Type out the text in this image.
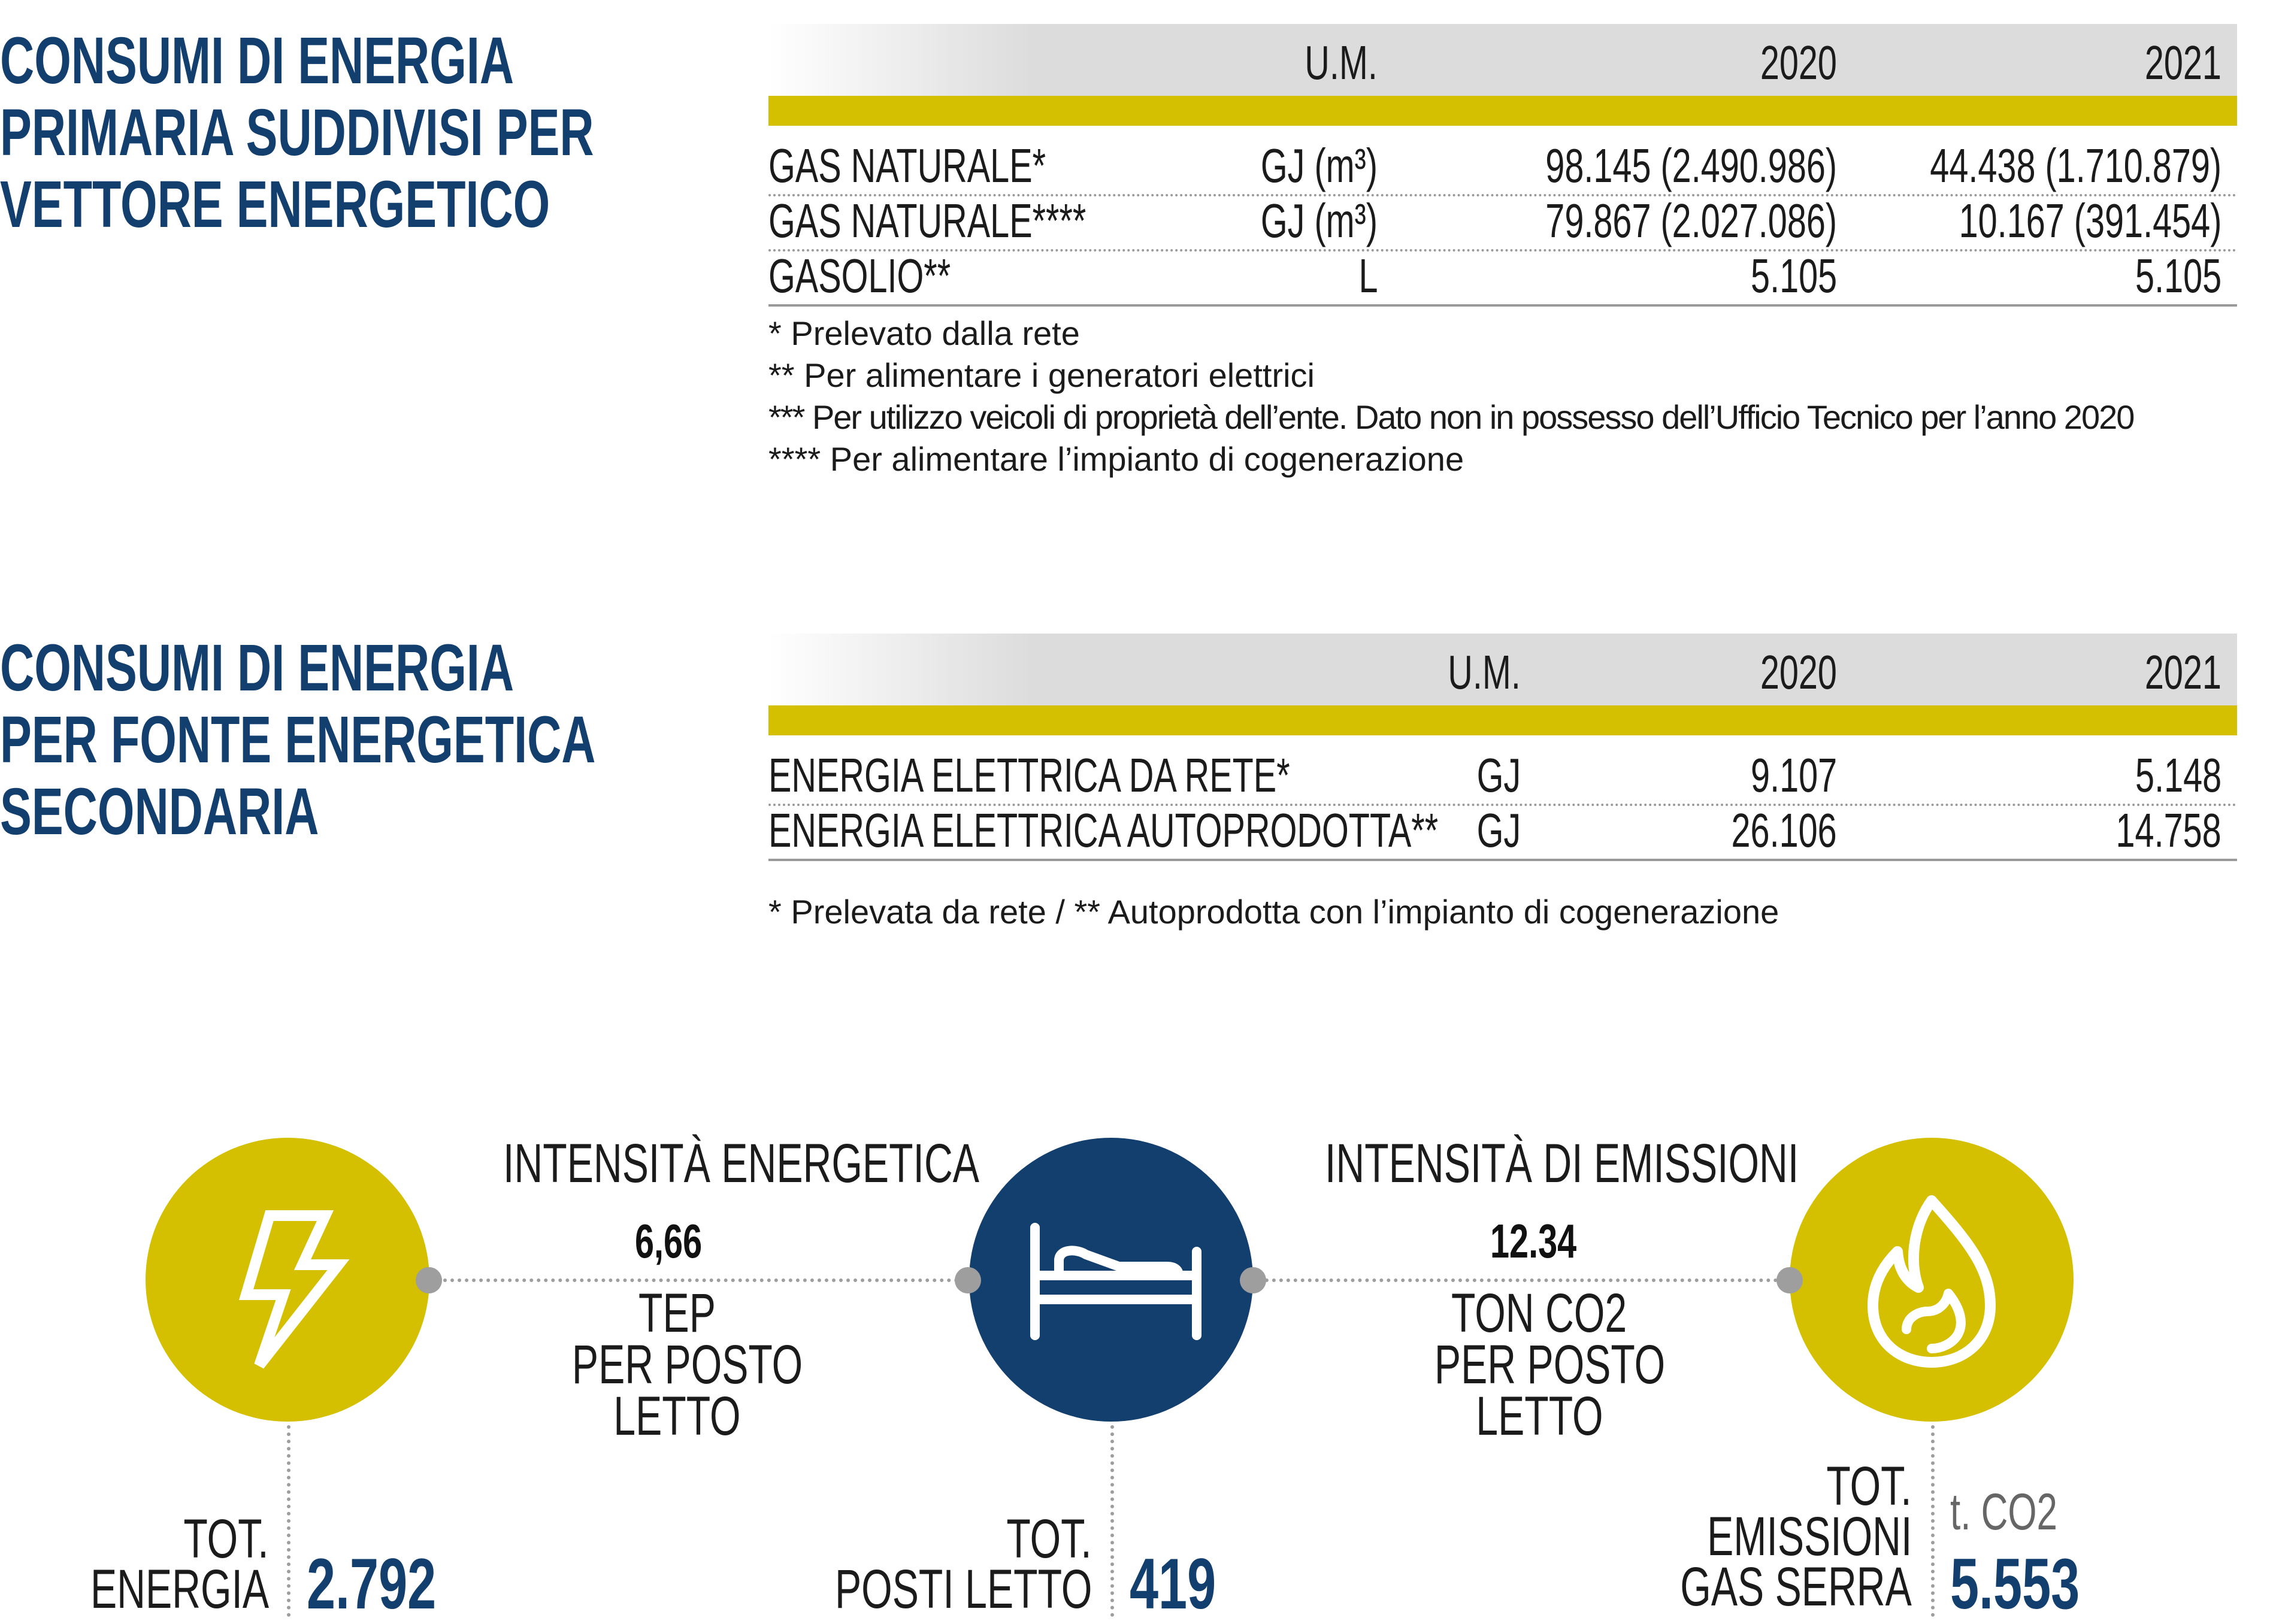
CONSUMI DI ENERGIA
PRIMARIA SUDDIVISI PER
VETTORE ENERGETICO
U.M.	2020	2021
GAS NATURALE*	GJ (m³)	98.145 (2.490.986)	44.438 (1.710.879)
GAS NATURALE****	GJ (m³)	79.867 (2.027.086)	10.167 (391.454)
GASOLIO**	L	5.105	5.105
* Prelevato dalla rete
** Per alimentare i generatori elettrici
*** Per utilizzo veicoli di proprietà dell’ente. Dato non in possesso dell’Ufficio Tecnico per l’anno 2020
**** Per alimentare l’impianto di cogenerazione
CONSUMI DI ENERGIA
PER FONTE ENERGETICA
SECONDARIA
U.M.	2020	2021
ENERGIA ELETTRICA DA RETE*	GJ	9.107	5.148
ENERGIA ELETTRICA AUTOPRODOTTA** GJ	26.106	14.758
* Prelevata da rete / ** Autoprodotta con l’impianto di cogenerazione
INTENSITÀ ENERGETICA
6,66
TEP
PER POSTO
LETTO
INTENSITÀ DI EMISSIONI
12.34
TON CO2
PER POSTO
LETTO
TOT.
ENERGIA 2.792
TOT.
POSTI LETTO 419
TOT.
EMISSIONI
GAS SERRA
t. CO2
5.553
